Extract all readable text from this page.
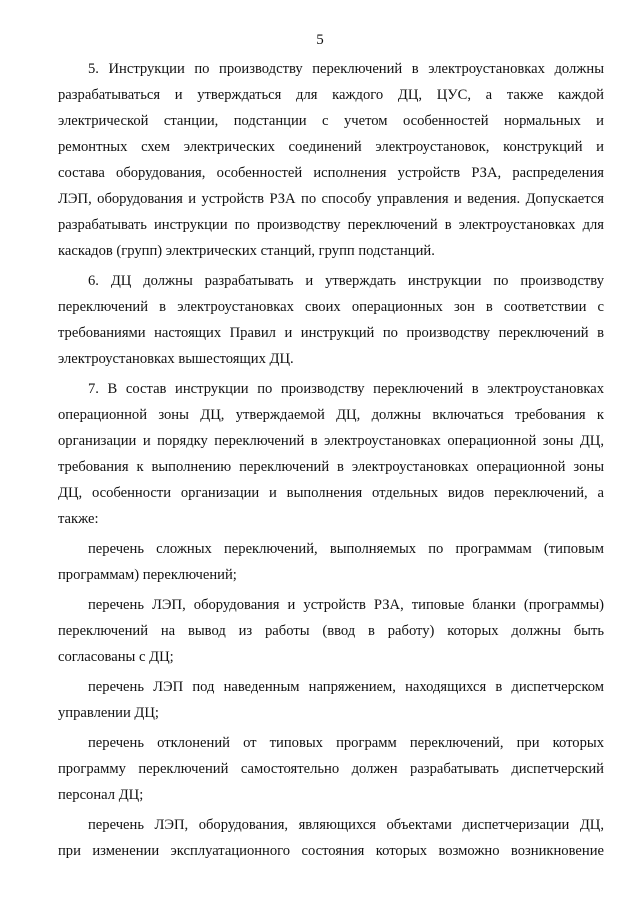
5
5. Инструкции по производству переключений в электроустановках должны
разрабатываться и утверждаться для каждого ДЦ, ЦУС, а также каждой
электрической станции, подстанции с учетом особенностей нормальных и
ремонтных схем электрических соединений электроустановок, конструкций и
состава оборудования, особенностей исполнения устройств РЗА, распределения
ЛЭП, оборудования и устройств РЗА по способу управления и ведения. Допускается
разрабатывать инструкции по производству переключений в электроустановках для
каскадов (групп) электрических станций, групп подстанций.
6. ДЦ должны разрабатывать и утверждать инструкции по производству
переключений в электроустановках своих операционных зон в соответствии с
требованиями настоящих Правил и инструкций по производству переключений в
электроустановках вышестоящих ДЦ.
7. В состав инструкции по производству переключений в электроустановках
операционной зоны ДЦ, утверждаемой ДЦ, должны включаться требования к
организации и порядку переключений в электроустановках операционной зоны ДЦ,
требования к выполнению переключений в электроустановках операционной зоны
ДЦ, особенности организации и выполнения отдельных видов переключений, а
также:
перечень сложных переключений, выполняемых по программам (типовым
программам) переключений;
перечень ЛЭП, оборудования и устройств РЗА, типовые бланки (программы)
переключений на вывод из работы (ввод в работу) которых должны быть
согласованы с ДЦ;
перечень ЛЭП под наведенным напряжением, находящихся в диспетчерском
управлении ДЦ;
перечень отклонений от типовых программ переключений, при которых
программу переключений самостоятельно должен разрабатывать диспетчерский
персонал ДЦ;
перечень ЛЭП, оборудования, являющихся объектами диспетчеризации ДЦ,
при изменении эксплуатационного состояния которых возможно возникновение
